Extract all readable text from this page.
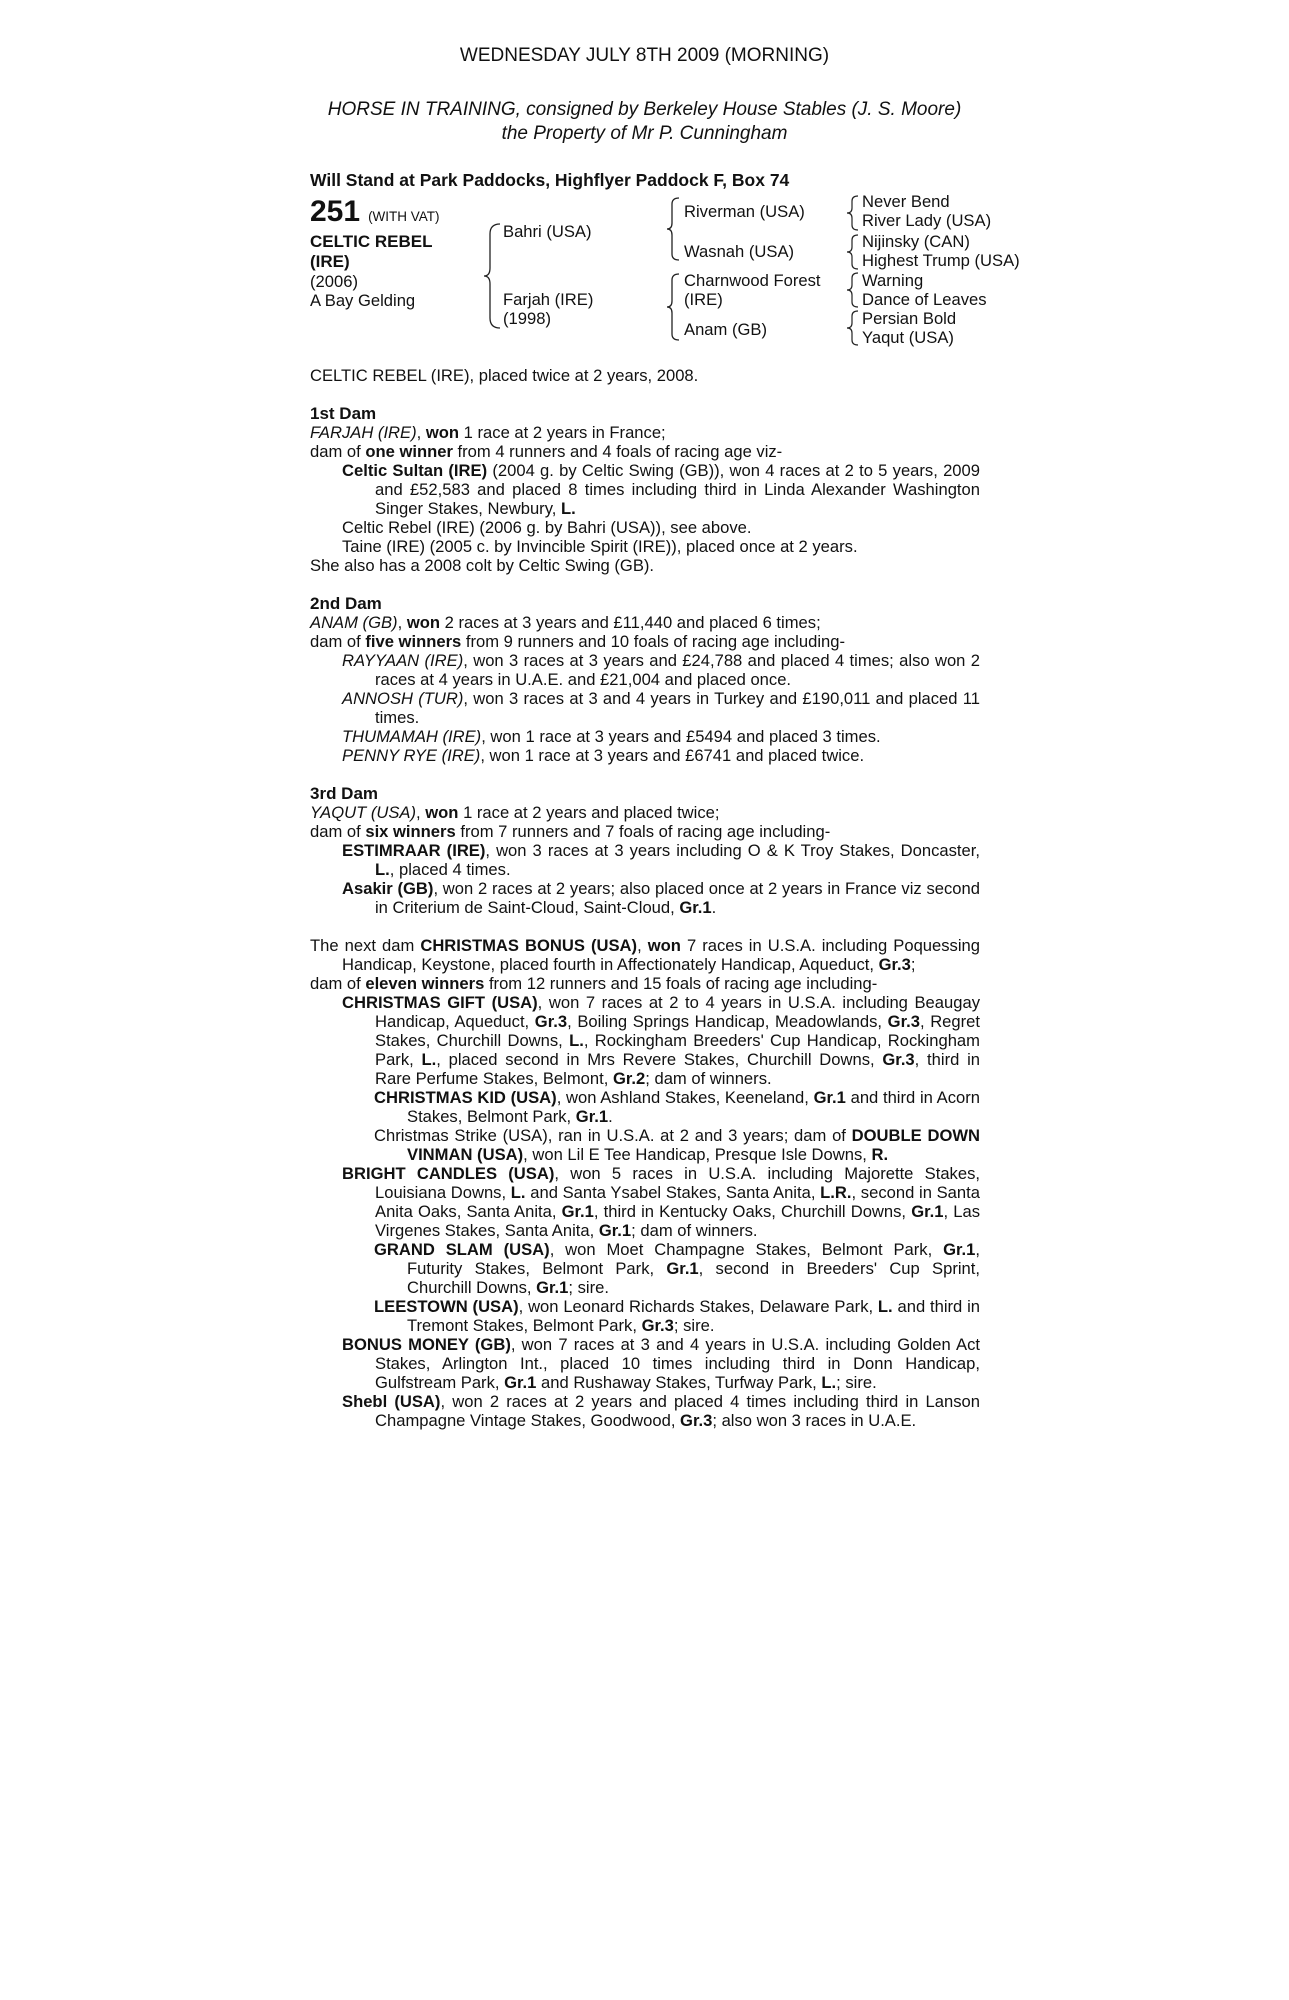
WEDNESDAY JULY 8TH 2009 (MORNING)
HORSE IN TRAINING, consigned by Berkeley House Stables (J. S. Moore)
the Property of Mr P. Cunningham
Will Stand at Park Paddocks, Highflyer Paddock F, Box 74
251 (WITH VAT)
CELTIC REBEL
(IRE)
(2006)
A Bay Gelding
Bahri (USA)
Farjah (IRE)
(1998)
Riverman (USA)
Wasnah (USA)
Charnwood Forest
(IRE)
Anam (GB)
Never Bend
River Lady (USA)
Nijinsky (CAN)
Highest Trump (USA)
Warning
Dance of Leaves
Persian Bold
Yaqut (USA)

CELTIC REBEL (IRE), placed twice at 2 years, 2008.

1st Dam

FARJAH (IRE), won 1 race at 2 years in France;

dam of one winner from 4 runners and 4 foals of racing age viz-

Celtic Sultan (IRE) (2004 g. by Celtic Swing (GB)), won 4 races at 2 to 5 years, 2009 and £52,583 and placed 8 times including third in Linda Alexander Washington Singer Stakes, Newbury, L.

Celtic Rebel (IRE) (2006 g. by Bahri (USA)), see above.

Taine (IRE) (2005 c. by Invincible Spirit (IRE)), placed once at 2 years.

She also has a 2008 colt by Celtic Swing (GB).

2nd Dam

ANAM (GB), won 2 races at 3 years and £11,440 and placed 6 times;

dam of five winners from 9 runners and 10 foals of racing age including-

RAYYAAN (IRE), won 3 races at 3 years and £24,788 and placed 4 times; also won 2 races at 4 years in U.A.E. and £21,004 and placed once.

ANNOSH (TUR), won 3 races at 3 and 4 years in Turkey and £190,011 and placed 11 times.

THUMAMAH (IRE), won 1 race at 3 years and £5494 and placed 3 times.

PENNY RYE (IRE), won 1 race at 3 years and £6741 and placed twice.

3rd Dam

YAQUT (USA), won 1 race at 2 years and placed twice;

dam of six winners from 7 runners and 7 foals of racing age including-

ESTIMRAAR (IRE), won 3 races at 3 years including O & K Troy Stakes, Doncaster, L., placed 4 times.

Asakir (GB), won 2 races at 2 years; also placed once at 2 years in France viz second in Criterium de Saint-Cloud, Saint-Cloud, Gr.1.

The next dam CHRISTMAS BONUS (USA), won 7 races in U.S.A. including Poquessing Handicap, Keystone, placed fourth in Affectionately Handicap, Aqueduct, Gr.3;

dam of eleven winners from 12 runners and 15 foals of racing age including-

CHRISTMAS GIFT (USA), won 7 races at 2 to 4 years in U.S.A. including Beaugay Handicap, Aqueduct, Gr.3, Boiling Springs Handicap, Meadowlands, Gr.3, Regret Stakes, Churchill Downs, L., Rockingham Breeders' Cup Handicap, Rockingham Park, L., placed second in Mrs Revere Stakes, Churchill Downs, Gr.3, third in Rare Perfume Stakes, Belmont, Gr.2; dam of winners.

CHRISTMAS KID (USA), won Ashland Stakes, Keeneland, Gr.1 and third in Acorn Stakes, Belmont Park, Gr.1.

Christmas Strike (USA), ran in U.S.A. at 2 and 3 years; dam of DOUBLE DOWN VINMAN (USA), won Lil E Tee Handicap, Presque Isle Downs, R.

BRIGHT CANDLES (USA), won 5 races in U.S.A. including Majorette Stakes, Louisiana Downs, L. and Santa Ysabel Stakes, Santa Anita, L.R., second in Santa Anita Oaks, Santa Anita, Gr.1, third in Kentucky Oaks, Churchill Downs, Gr.1, Las Virgenes Stakes, Santa Anita, Gr.1; dam of winners.

GRAND SLAM (USA), won Moet Champagne Stakes, Belmont Park, Gr.1, Futurity Stakes, Belmont Park, Gr.1, second in Breeders' Cup Sprint, Churchill Downs, Gr.1; sire.

LEESTOWN (USA), won Leonard Richards Stakes, Delaware Park, L. and third in Tremont Stakes, Belmont Park, Gr.3; sire.

BONUS MONEY (GB), won 7 races at 3 and 4 years in U.S.A. including Golden Act Stakes, Arlington Int., placed 10 times including third in Donn Handicap, Gulfstream Park, Gr.1 and Rushaway Stakes, Turfway Park, L.; sire.

Shebl (USA), won 2 races at 2 years and placed 4 times including third in Lanson Champagne Vintage Stakes, Goodwood, Gr.3; also won 3 races in U.A.E.
